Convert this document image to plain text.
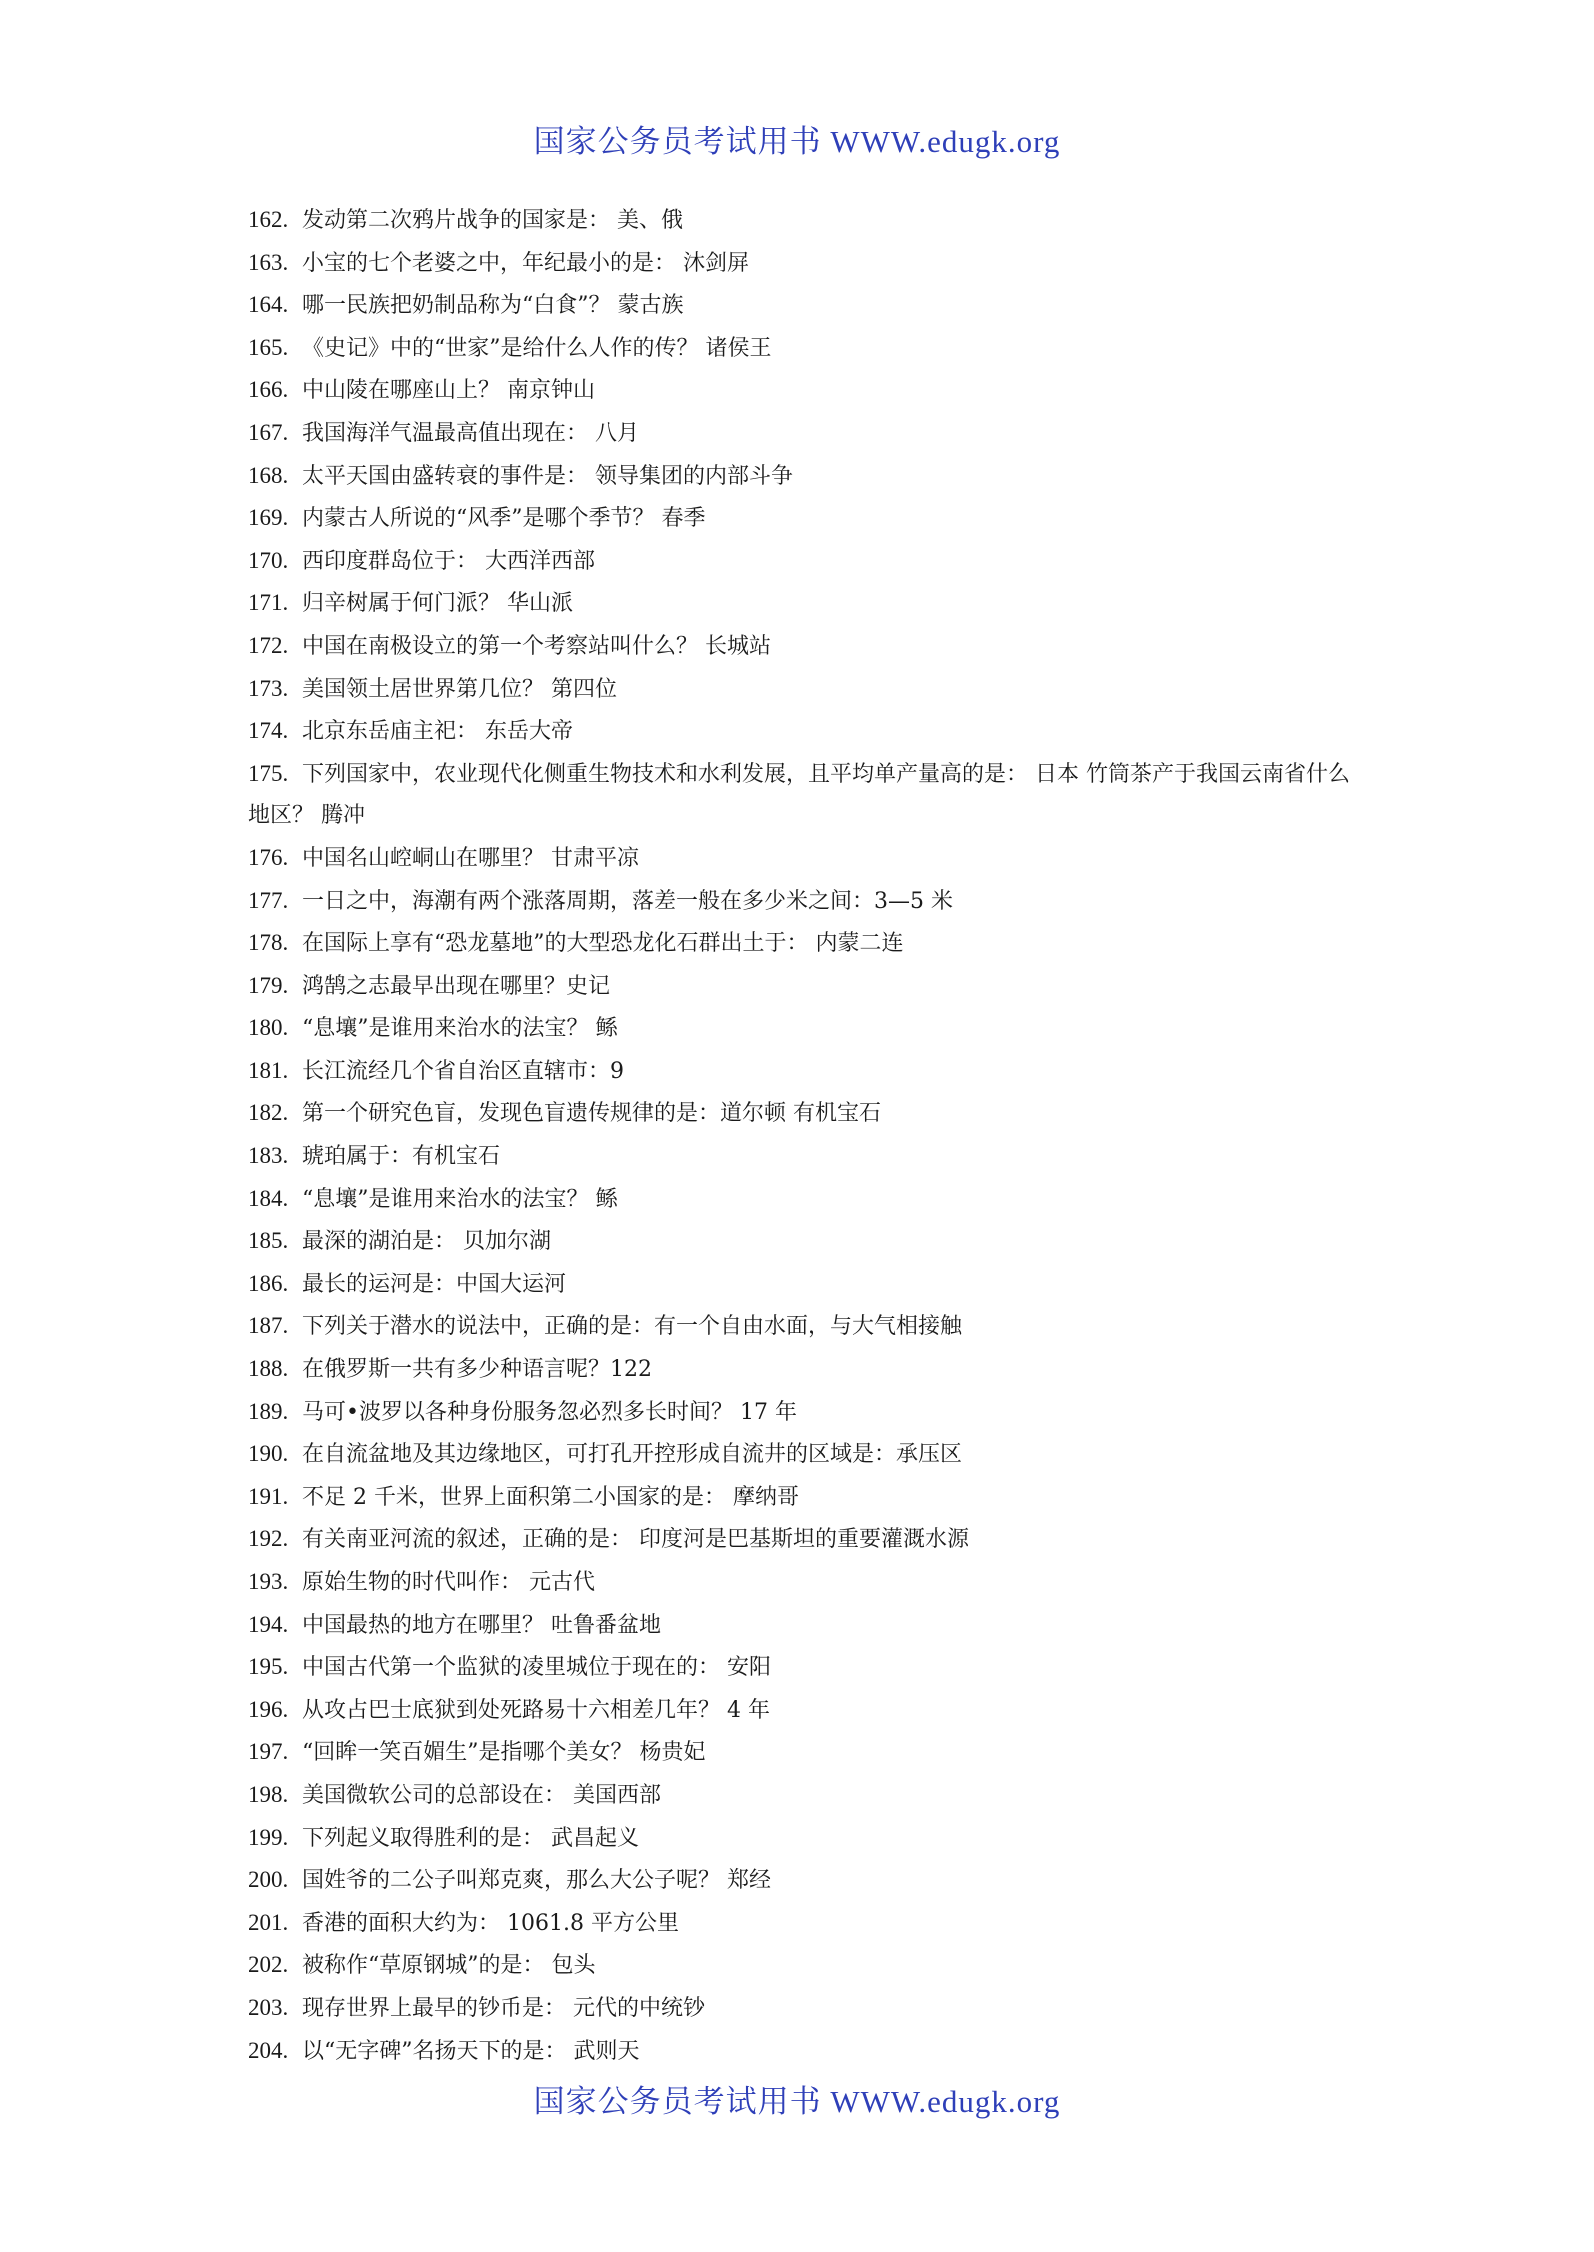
国家公务员考试用书 WWW.edugk.org
162. 发动第二次鸦片战争的国家是： 美、俄
163. 小宝的七个老婆之中，年纪最小的是： 沐剑屏
164. 哪一民族把奶制品称为“白食”？ 蒙古族
165. 《史记》中的“世家”是给什么人作的传？ 诸侯王
166. 中山陵在哪座山上？ 南京钟山
167. 我国海洋气温最高值出现在： 八月
168. 太平天国由盛转衰的事件是： 领导集团的内部斗争
169. 内蒙古人所说的“风季”是哪个季节？ 春季
170. 西印度群岛位于： 大西洋西部
171. 归辛树属于何门派？ 华山派
172. 中国在南极设立的第一个考察站叫什么？ 长城站
173. 美国领土居世界第几位？ 第四位
174. 北京东岳庙主祀： 东岳大帝
175. 下列国家中，农业现代化侧重生物技术和水利发展，且平均单产量高的是： 日本 竹筒茶产于我国云南省什么地区？ 腾冲
176. 中国名山崆峒山在哪里？ 甘肃平凉
177. 一日之中，海潮有两个涨落周期，落差一般在多少米之间：3—5 米
178. 在国际上享有“恐龙墓地”的大型恐龙化石群出土于： 内蒙二连
179. 鸿鹄之志最早出现在哪里？史记
180. “息壤”是谁用来治水的法宝？ 鲧
181. 长江流经几个省自治区直辖市：9
182. 第一个研究色盲，发现色盲遗传规律的是：道尔顿 有机宝石
183. 琥珀属于：有机宝石
184. “息壤”是谁用来治水的法宝？ 鲧
185. 最深的湖泊是： 贝加尔湖
186. 最长的运河是：中国大运河
187. 下列关于潜水的说法中，正确的是：有一个自由水面，与大气相接触
188. 在俄罗斯一共有多少种语言呢？122
189. 马可•波罗以各种身份服务忽必烈多长时间？ 17 年
190. 在自流盆地及其边缘地区，可打孔开控形成自流井的区域是：承压区
191. 不足 2 千米，世界上面积第二小国家的是： 摩纳哥
192. 有关南亚河流的叙述，正确的是： 印度河是巴基斯坦的重要灌溉水源
193. 原始生物的时代叫作： 元古代
194. 中国最热的地方在哪里？ 吐鲁番盆地
195. 中国古代第一个监狱的凌里城位于现在的： 安阳
196. 从攻占巴士底狱到处死路易十六相差几年？ 4 年
197. “回眸一笑百媚生”是指哪个美女？ 杨贵妃
198. 美国微软公司的总部设在： 美国西部
199. 下列起义取得胜利的是： 武昌起义
200. 国姓爷的二公子叫郑克爽，那么大公子呢？ 郑经
201. 香港的面积大约为： 1061.8 平方公里
202. 被称作“草原钢城”的是： 包头
203. 现存世界上最早的钞币是： 元代的中统钞
204. 以“无字碑”名扬天下的是： 武则天
国家公务员考试用书 WWW.edugk.org
